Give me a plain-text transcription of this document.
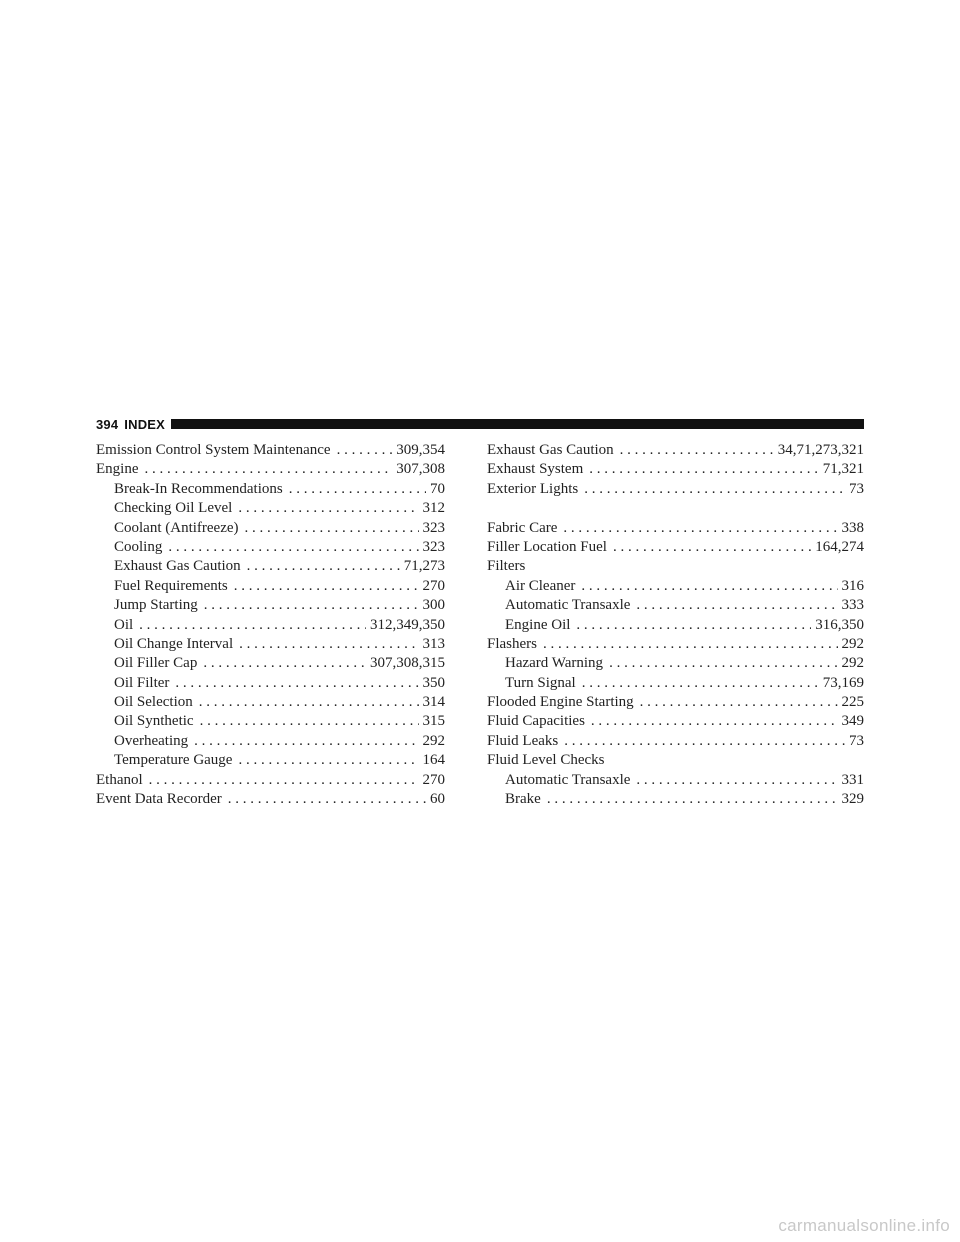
394 INDEX
Emission Control System Maintenance . . .	309,354
Engine . . .	307,308
Break-In Recommendations . . .	70
Checking Oil Level . . .	312
Coolant (Antifreeze) . . .	323
Cooling . . .	323
Exhaust Gas Caution . . .	71,273
Fuel Requirements . . .	270
Jump Starting . . .	300
Oil . . .	312,349,350
Oil Change Interval . . .	313
Oil Filler Cap . . .	307,308,315
Oil Filter . . .	350
Oil Selection . . .	314
Oil Synthetic . . .	315
Overheating . . .	292
Temperature Gauge . . .	164
Ethanol . . .	270
Event Data Recorder . . .	60
Exhaust Gas Caution . . .	34,71,273,321
Exhaust System . . .	71,321
Exterior Lights . . .	73
Fabric Care . . .	338
Filler Location Fuel . . .	164,274
Filters
Air Cleaner . . .	316
Automatic Transaxle . . .	333
Engine Oil . . .	316,350
Flashers . . .	292
Hazard Warning . . .	292
Turn Signal . . .	73,169
Flooded Engine Starting . . .	225
Fluid Capacities . . .	349
Fluid Leaks . . .	73
Fluid Level Checks
Automatic Transaxle . . .	331
Brake . . .	329
carmanualsonline.info
